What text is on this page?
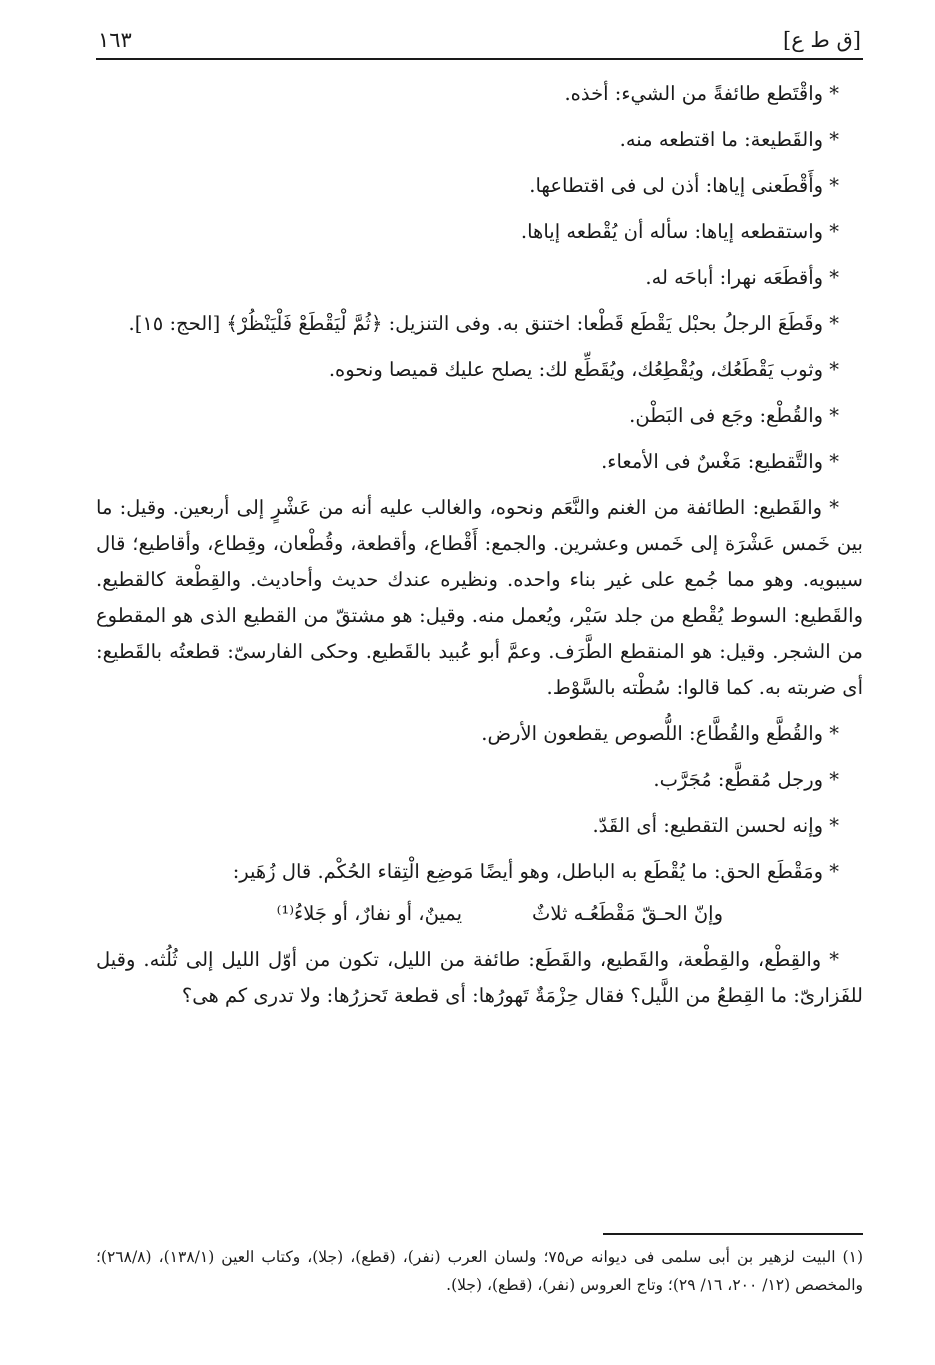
[ق ط ع]
١٦٣

* واقْتَطع طائفةً من الشيء: أخذه.

* والقَطيعة: ما اقتطعه منه.

* وأَقْطَعنى إياها: أذن لى فى اقتطاعها.

* واستقطعه إياها: سأله أن يُقْطعه إياها.

* وأقطَعَه نهرا: أباحَه له.

* وقَطَعَ الرجلُ بحبْل يَقْطَع قَطْعا: اختنق به. وفى التنزيل: ﴿ثُمَّ لْيَقْطَعْ فَلْيَنْظُرْ﴾ [الحج: ١٥].

* وثوب يَقْطَعُك، ويُقْطِعُك، ويُقَطِّع لك: يصلح عليك قميصا ونحوه.

* والقُطْع: وجَع فى البَطْن.

* والتَّقطيع: مَغْسٌ فى الأمعاء.

* والقَطيع: الطائفة من الغنم والنَّعَم ونحوه، والغالب عليه أنه من عَشْرٍ إلى أربعين. وقيل: ما بين خَمس عَشْرَة إلى خَمس وعشرين. والجمع: أَقْطاع، وأقطعة، وقُطْعان، وقِطاع، وأقاطيع؛ قال سيبويه. وهو مما جُمع على غير بناء واحده. ونظيره عندك حديث وأحاديث. والقِطْعة كالقطيع. والقَطيع: السوط يُقْطع من جلد سَيْر، ويُعمل منه. وقيل: هو مشتقّ من القطيع الذى هو المقطوع من الشجر. وقيل: هو المنقطع الطَّرَف. وعمَّ أبو عُبيد بالقَطيع. وحكى الفارسىّ: قطعتُه بالقَطيع: أى ضربته به. كما قالوا: سُطْته بالسَّوْط.

* والقُطَّع والقُطَّاع: اللُّصوص يقطعون الأرض.

* ورجل مُقطَّع: مُجَرَّب.

* وإنه لحسن التقطيع: أى القَدّ.

* ومَقْطَع الحق: ما يُقْطَع به الباطل، وهو أيضًا مَوضِع الْتِقاء الحُكْم. قال زُهَير:

وإنّ الحـقّ مَقْطَعُـه ثلاثٌ
يمينٌ، أو نفارٌ، أو جَلاءُ⁽¹⁾

* والقِطْع، والقِطْعة، والقَطيع، والقَطَع: طائفة من الليل، تكون من أوّل الليل إلى ثُلُثه. وقيل للفَزارىّ: ما القِطعُ من اللَّيل؟ فقال حِزْمَةٌ تَهورُها: أى قطعة تَحزرُها: ولا تدرى كم هى؟

(١) البيت لزهير بن أبى سلمى فى ديوانه ص٧٥؛ ولسان العرب (نفر)، (قطع)، (جلا)، وكتاب العين (١٣٨/١)، (٢٦٨/٨)؛ والمخصص (١٢/ ٢٠٠، ١٦/ ٢٩)؛ وتاج العروس (نفر)، (قطع)، (جلا).
